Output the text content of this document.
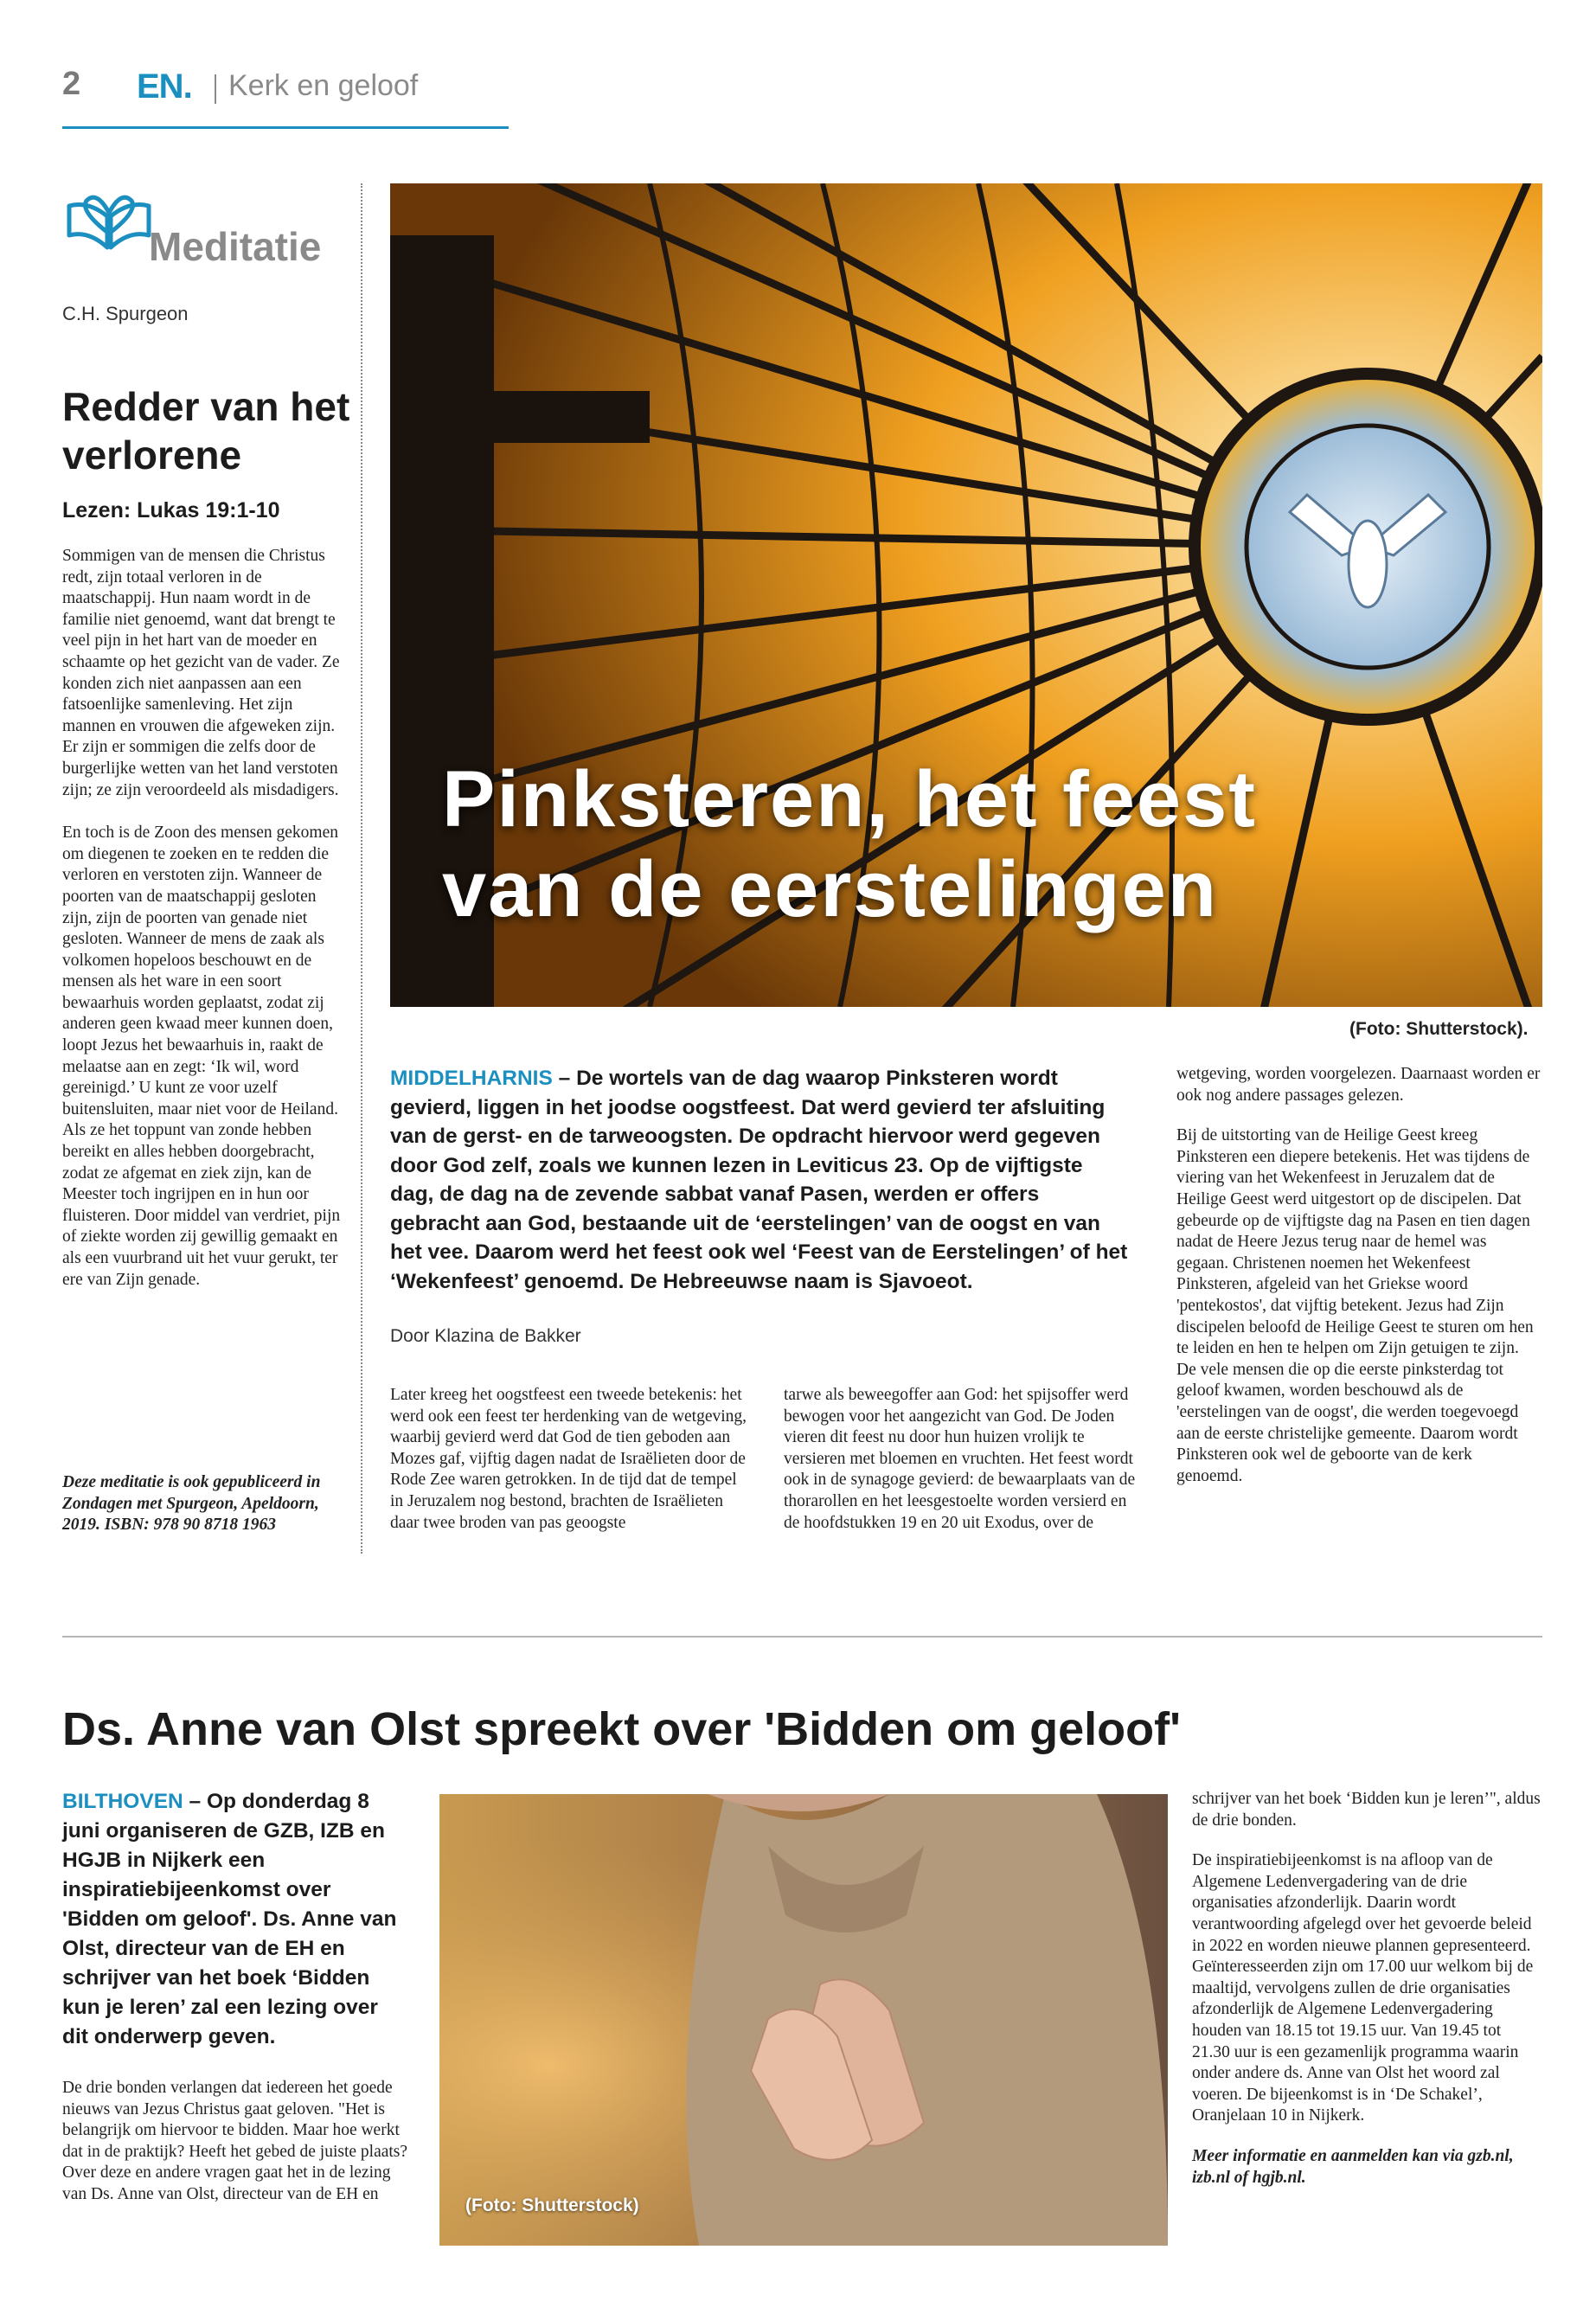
2 EN. Kerk en geloof
Meditatie
C.H. Spurgeon
Redder van het verlorene
Lezen: Lukas 19:1-10

Sommigen van de mensen die Christus redt, zijn totaal verloren in de maatschappij. Hun naam wordt in de familie niet genoemd, want dat brengt te veel pijn in het hart van de moeder en schaamte op het gezicht van de vader. Ze konden zich niet aanpassen aan een fatsoenlijke samenleving. Het zijn mannen en vrouwen die afgeweken zijn. Er zijn er sommigen die zelfs door de burgerlijke wetten van het land verstoten zijn; ze zijn veroordeeld als misdadigers.

En toch is de Zoon des mensen gekomen om diegenen te zoeken en te redden die verloren en verstoten zijn. Wanneer de poorten van de maatschappij gesloten zijn, zijn de poorten van genade niet gesloten. Wanneer de mens de zaak als volkomen hopeloos beschouwt en de mensen als het ware in een soort bewaarhuis worden geplaatst, zodat zij anderen geen kwaad meer kunnen doen, loopt Jezus het bewaarhuis in, raakt de melaatse aan en zegt: ‘Ik wil, word gereinigd.’ U kunt ze voor uzelf buitensluiten, maar niet voor de Heiland. Als ze het toppunt van zonde hebben bereikt en alles hebben doorgebracht, zodat ze afgemat en ziek zijn, kan de Meester toch ingrijpen en in hun oor fluisteren. Door middel van verdriet, pijn of ziekte worden zij gewillig gemaakt en als een vuurbrand uit het vuur gerukt, ter ere van Zijn genade.

Deze meditatie is ook gepubliceerd in Zondagen met Spurgeon, Apeldoorn, 2019. ISBN: 978 90 8718 1963
Pinksteren, het feest van de eerstelingen
(Foto: Shutterstock).
MIDDELHARNIS – De wortels van de dag waarop Pinksteren wordt gevierd, liggen in het joodse oogstfeest. Dat werd gevierd ter afsluiting van de gerst- en de tarweoogsten. De opdracht hiervoor werd gegeven door God zelf, zoals we kunnen lezen in Leviticus 23. Op de vijftigste dag, de dag na de zevende sabbat vanaf Pasen, werden er offers gebracht aan God, bestaande uit de ‘eerstelingen’ van de oogst en van het vee. Daarom werd het feest ook wel ‘Feest van de Eerstelingen’ of het ‘Wekenfeest’ genoemd. De Hebreeuwse naam is Sjavoeot.
Door Klazina de Bakker
Later kreeg het oogstfeest een tweede betekenis: het werd ook een feest ter herdenking van de wetgeving, waarbij gevierd werd dat God de tien geboden aan Mozes gaf, vijftig dagen nadat de Israëlieten door de Rode Zee waren getrokken. In de tijd dat de tempel in Jeruzalem nog bestond, brachten de Israëlieten daar twee broden van pas geoogste
tarwe als beweegoffer aan God: het spijsoffer werd bewogen voor het aangezicht van God. De Joden vieren dit feest nu door hun huizen vrolijk te versieren met bloemen en vruchten. Het feest wordt ook in de synagoge gevierd: de bewaarplaats van de thorarollen en het leesgestoelte worden versierd en de hoofdstukken 19 en 20 uit Exodus, over de

wetgeving, worden voorgelezen. Daarnaast worden er ook nog andere passages gelezen.

Bij de uitstorting van de Heilige Geest kreeg Pinksteren een diepere betekenis. Het was tijdens de viering van het Wekenfeest in Jeruzalem dat de Heilige Geest werd uitgestort op de discipelen. Dat gebeurde op de vijftigste dag na Pasen en tien dagen nadat de Heere Jezus terug naar de hemel was gegaan. Christenen noemen het Wekenfeest Pinksteren, afgeleid van het Griekse woord 'pentekostos', dat vijftig betekent. Jezus had Zijn discipelen beloofd de Heilige Geest te sturen om hen te leiden en hen te helpen om Zijn getuigen te zijn. De vele mensen die op die eerste pinksterdag tot geloof kwamen, worden beschouwd als de 'eerstelingen van de oogst', die werden toegevoegd aan de eerste christelijke gemeente. Daarom wordt Pinksteren ook wel de geboorte van de kerk genoemd.

Ds. Anne van Olst spreekt over 'Bidden om geloof'
BILTHOVEN – Op donderdag 8 juni organiseren de GZB, IZB en HGJB in Nijkerk een inspiratiebijeenkomst over 'Bidden om geloof'. Ds. Anne van Olst, directeur van de EH en schrijver van het boek ‘Bidden kun je leren’ zal een lezing over dit onderwerp geven.
De drie bonden verlangen dat iedereen het goede nieuws van Jezus Christus gaat geloven. "Het is belangrijk om hiervoor te bidden. Maar hoe werkt dat in de praktijk? Heeft het gebed de juiste plaats? Over deze en andere vragen gaat het in de lezing van Ds. Anne van Olst, directeur van de EH en
(Foto: Shutterstock)

schrijver van het boek ‘Bidden kun je leren’", aldus de drie bonden.

De inspiratiebijeenkomst is na afloop van de Algemene Ledenvergadering van de drie organisaties afzonderlijk. Daarin wordt verantwoording afgelegd over het gevoerde beleid in 2022 en worden nieuwe plannen gepresenteerd. Geïnteresseerden zijn om 17.00 uur welkom bij de maaltijd, vervolgens zullen de drie organisaties afzonderlijk de Algemene Ledenvergadering houden van 18.15 tot 19.15 uur. Van 19.45 tot 21.30 uur is een gezamenlijk programma waarin onder andere ds. Anne van Olst het woord zal voeren. De bijeenkomst is in ‘De Schakel’, Oranjelaan 10 in Nijkerk.

Meer informatie en aanmelden kan via gzb.nl, izb.nl of hgjb.nl.
